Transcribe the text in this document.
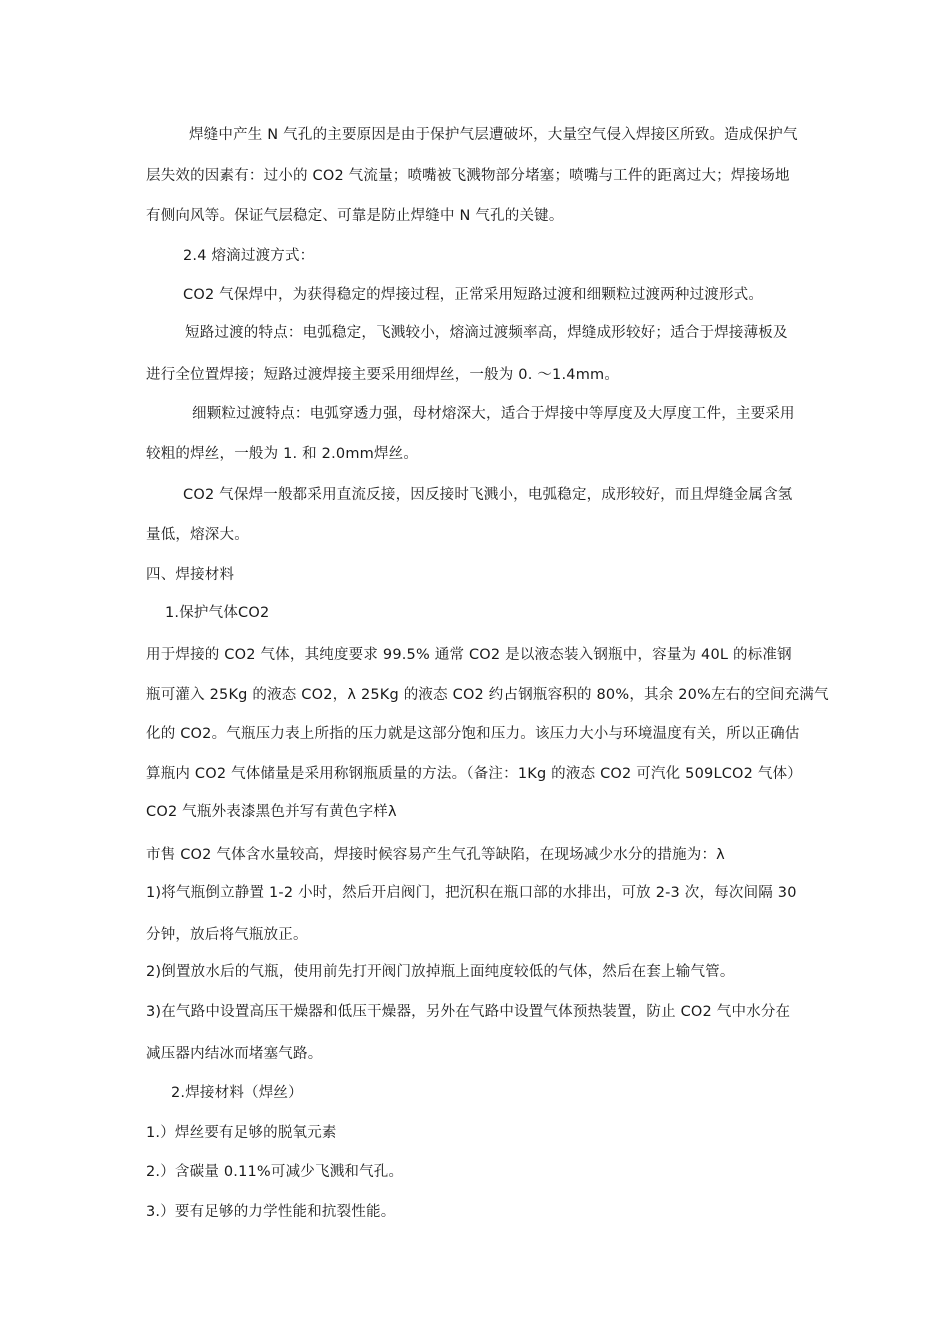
焊缝中产生 N 气孔的主要原因是由于保护气层遭破坏，大量空气侵入焊接区所致。造成保护气
层失效的因素有：过小的 CO2 气流量；喷嘴被飞溅物部分堵塞；喷嘴与工件的距离过大；焊接场地
有侧向风等。保证气层稳定、可靠是防止焊缝中 N 气孔的关键。
2.4 熔滴过渡方式：
CO2 气保焊中，为获得稳定的焊接过程，正常采用短路过渡和细颗粒过渡两种过渡形式。
短路过渡的特点：电弧稳定，飞溅较小，熔滴过渡频率高，焊缝成形较好；适合于焊接薄板及
进行全位置焊接；短路过渡焊接主要采用细焊丝，一般为 0. ～1.4mm。
细颗粒过渡特点：电弧穿透力强，母材熔深大，适合于焊接中等厚度及大厚度工件，主要采用
较粗的焊丝，一般为 1. 和 2.0mm焊丝。
CO2 气保焊一般都采用直流反接，因反接时飞溅小，电弧稳定，成形较好，而且焊缝金属含氢
量低，熔深大。
四、焊接材料
1.保护气体CO2
用于焊接的 CO2 气体，其纯度要求 99.5% 通常 CO2 是以液态装入钢瓶中，容量为 40L 的标准钢
瓶可灌入 25Kg 的液态 CO2，λ 25Kg 的液态 CO2 约占钢瓶容积的 80%，其余 20%左右的空间充满气
化的 CO2。气瓶压力表上所指的压力就是这部分饱和压力。该压力大小与环境温度有关，所以正确估
算瓶内 CO2 气体储量是采用称钢瓶质量的方法。（备注：1Kg 的液态 CO2 可汽化 509LCO2 气体）
CO2 气瓶外表漆黑色并写有黄色字样λ
市售 CO2 气体含水量较高，焊接时候容易产生气孔等缺陷，在现场减少水分的措施为：λ
1)将气瓶倒立静置 1-2 小时，然后开启阀门，把沉积在瓶口部的水排出，可放 2-3 次，每次间隔 30
分钟，放后将气瓶放正。
2)倒置放水后的气瓶，使用前先打开阀门放掉瓶上面纯度较低的气体，然后在套上输气管。
3)在气路中设置高压干燥器和低压干燥器，另外在气路中设置气体预热装置，防止 CO2 气中水分在
减压器内结冰而堵塞气路。
2.焊接材料（焊丝）
1.）焊丝要有足够的脱氧元素
2.）含碳量 0.11%可减少飞溅和气孔。
3.）要有足够的力学性能和抗裂性能。
